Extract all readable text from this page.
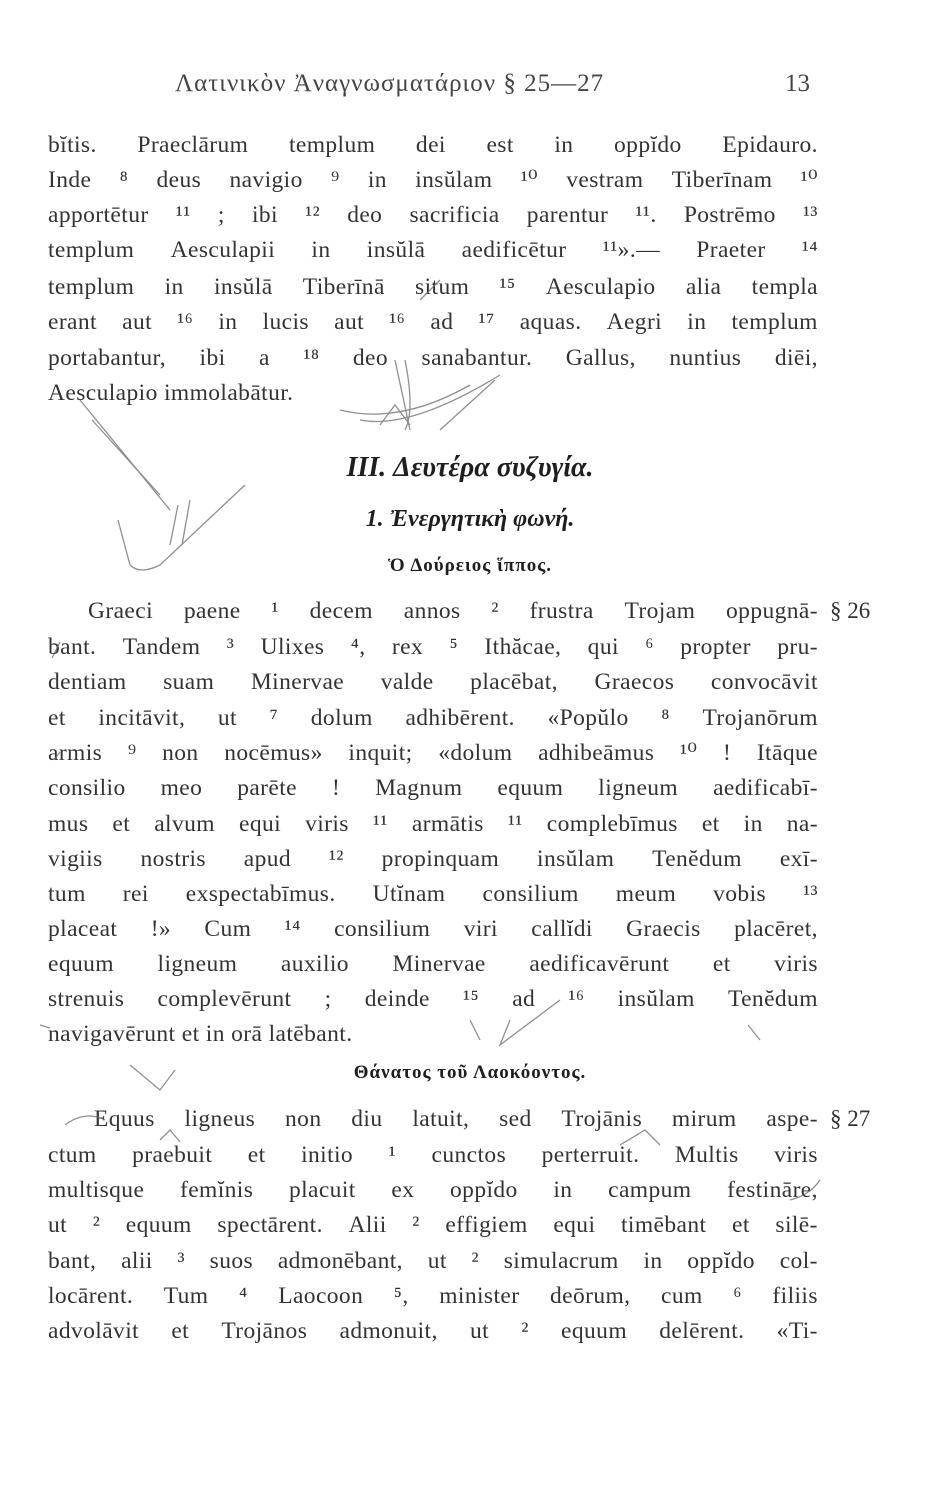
Λατινικὸν Ἀναγνωσματάριον § 25—27	13
bĭtis. Praeclārum templum dei est in oppĭdo Epidauro.
Inde ⁸ deus navigio ⁹ in insŭlam ¹⁰ vestram Tiberīnam ¹⁰
apportētur ¹¹ ; ibi ¹² deo sacrificia parentur ¹¹. Postrēmo ¹³
templum Aesculapii in insŭlā aedificētur ¹¹».— Praeter ¹⁴
templum in insŭlā Tiberīnā situm ¹⁵ Aesculapio alia templa
erant aut ¹⁶ in lucis aut ¹⁶ ad ¹⁷ aquas. Aegri in templum
portabantur, ibi a ¹⁸ deo sanabantur. Gallus, nuntius diēi,
Aesculapio immolabātur.
III. Δευτέρα συζυγία.
1. Ἐνεργητικὴ φωνή.
Ὁ Δούρειος ἵππος.
Graeci paene ¹ decem annos ² frustra Trojam oppugnā- § 26
bant. Tandem ³ Ulixes ⁴, rex ⁵ Ithăcae, qui ⁶ propter pru-
dentiam suam Minervae valde placēbat, Graecos convocāvit
et incitāvit, ut ⁷ dolum adhibērent. «Popŭlo ⁸ Trojanōrum
armis ⁹ non nocēmus» inquit; «dolum adhibeāmus ¹⁰ ! Itāque
consilio meo parēte ! Magnum equum ligneum aedificabī-
mus et alvum equi viris ¹¹ armātis ¹¹ complebīmus et in na-
vigiis nostris apud ¹² propinquam insŭlam Tenĕdum exī-
tum rei exspectabīmus. Utĭnam consilium meum vobis ¹³
placeat !» Cum ¹⁴ consilium viri callĭdi Graecis placēret,
equum ligneum auxilio Minervae aedificavērunt et viris
strenuis complevērunt ; deinde ¹⁵ ad ¹⁶ insŭlam Tenĕdum
navigavērunt et in orā latēbant.
Θάνατος τοῦ Λαοκόοντος.
Equus ligneus non diu latuit, sed Trojānis mirum aspe- § 27
ctum praebuit et initio ¹ cunctos perterruit. Multis viris
multisque femĭnis placuit ex oppĭdo in campum festināre,
ut ² equum spectārent. Alii ² effigiem equi timēbant et silē-
bant, alii ³ suos admonēbant, ut ² simulacrum in oppĭdo col-
locārent. Tum ⁴ Laocoon ⁵, minister deōrum, cum ⁶ filiis
advolāvit et Trojānos admonuit, ut ² equum delērent. «Ti-
